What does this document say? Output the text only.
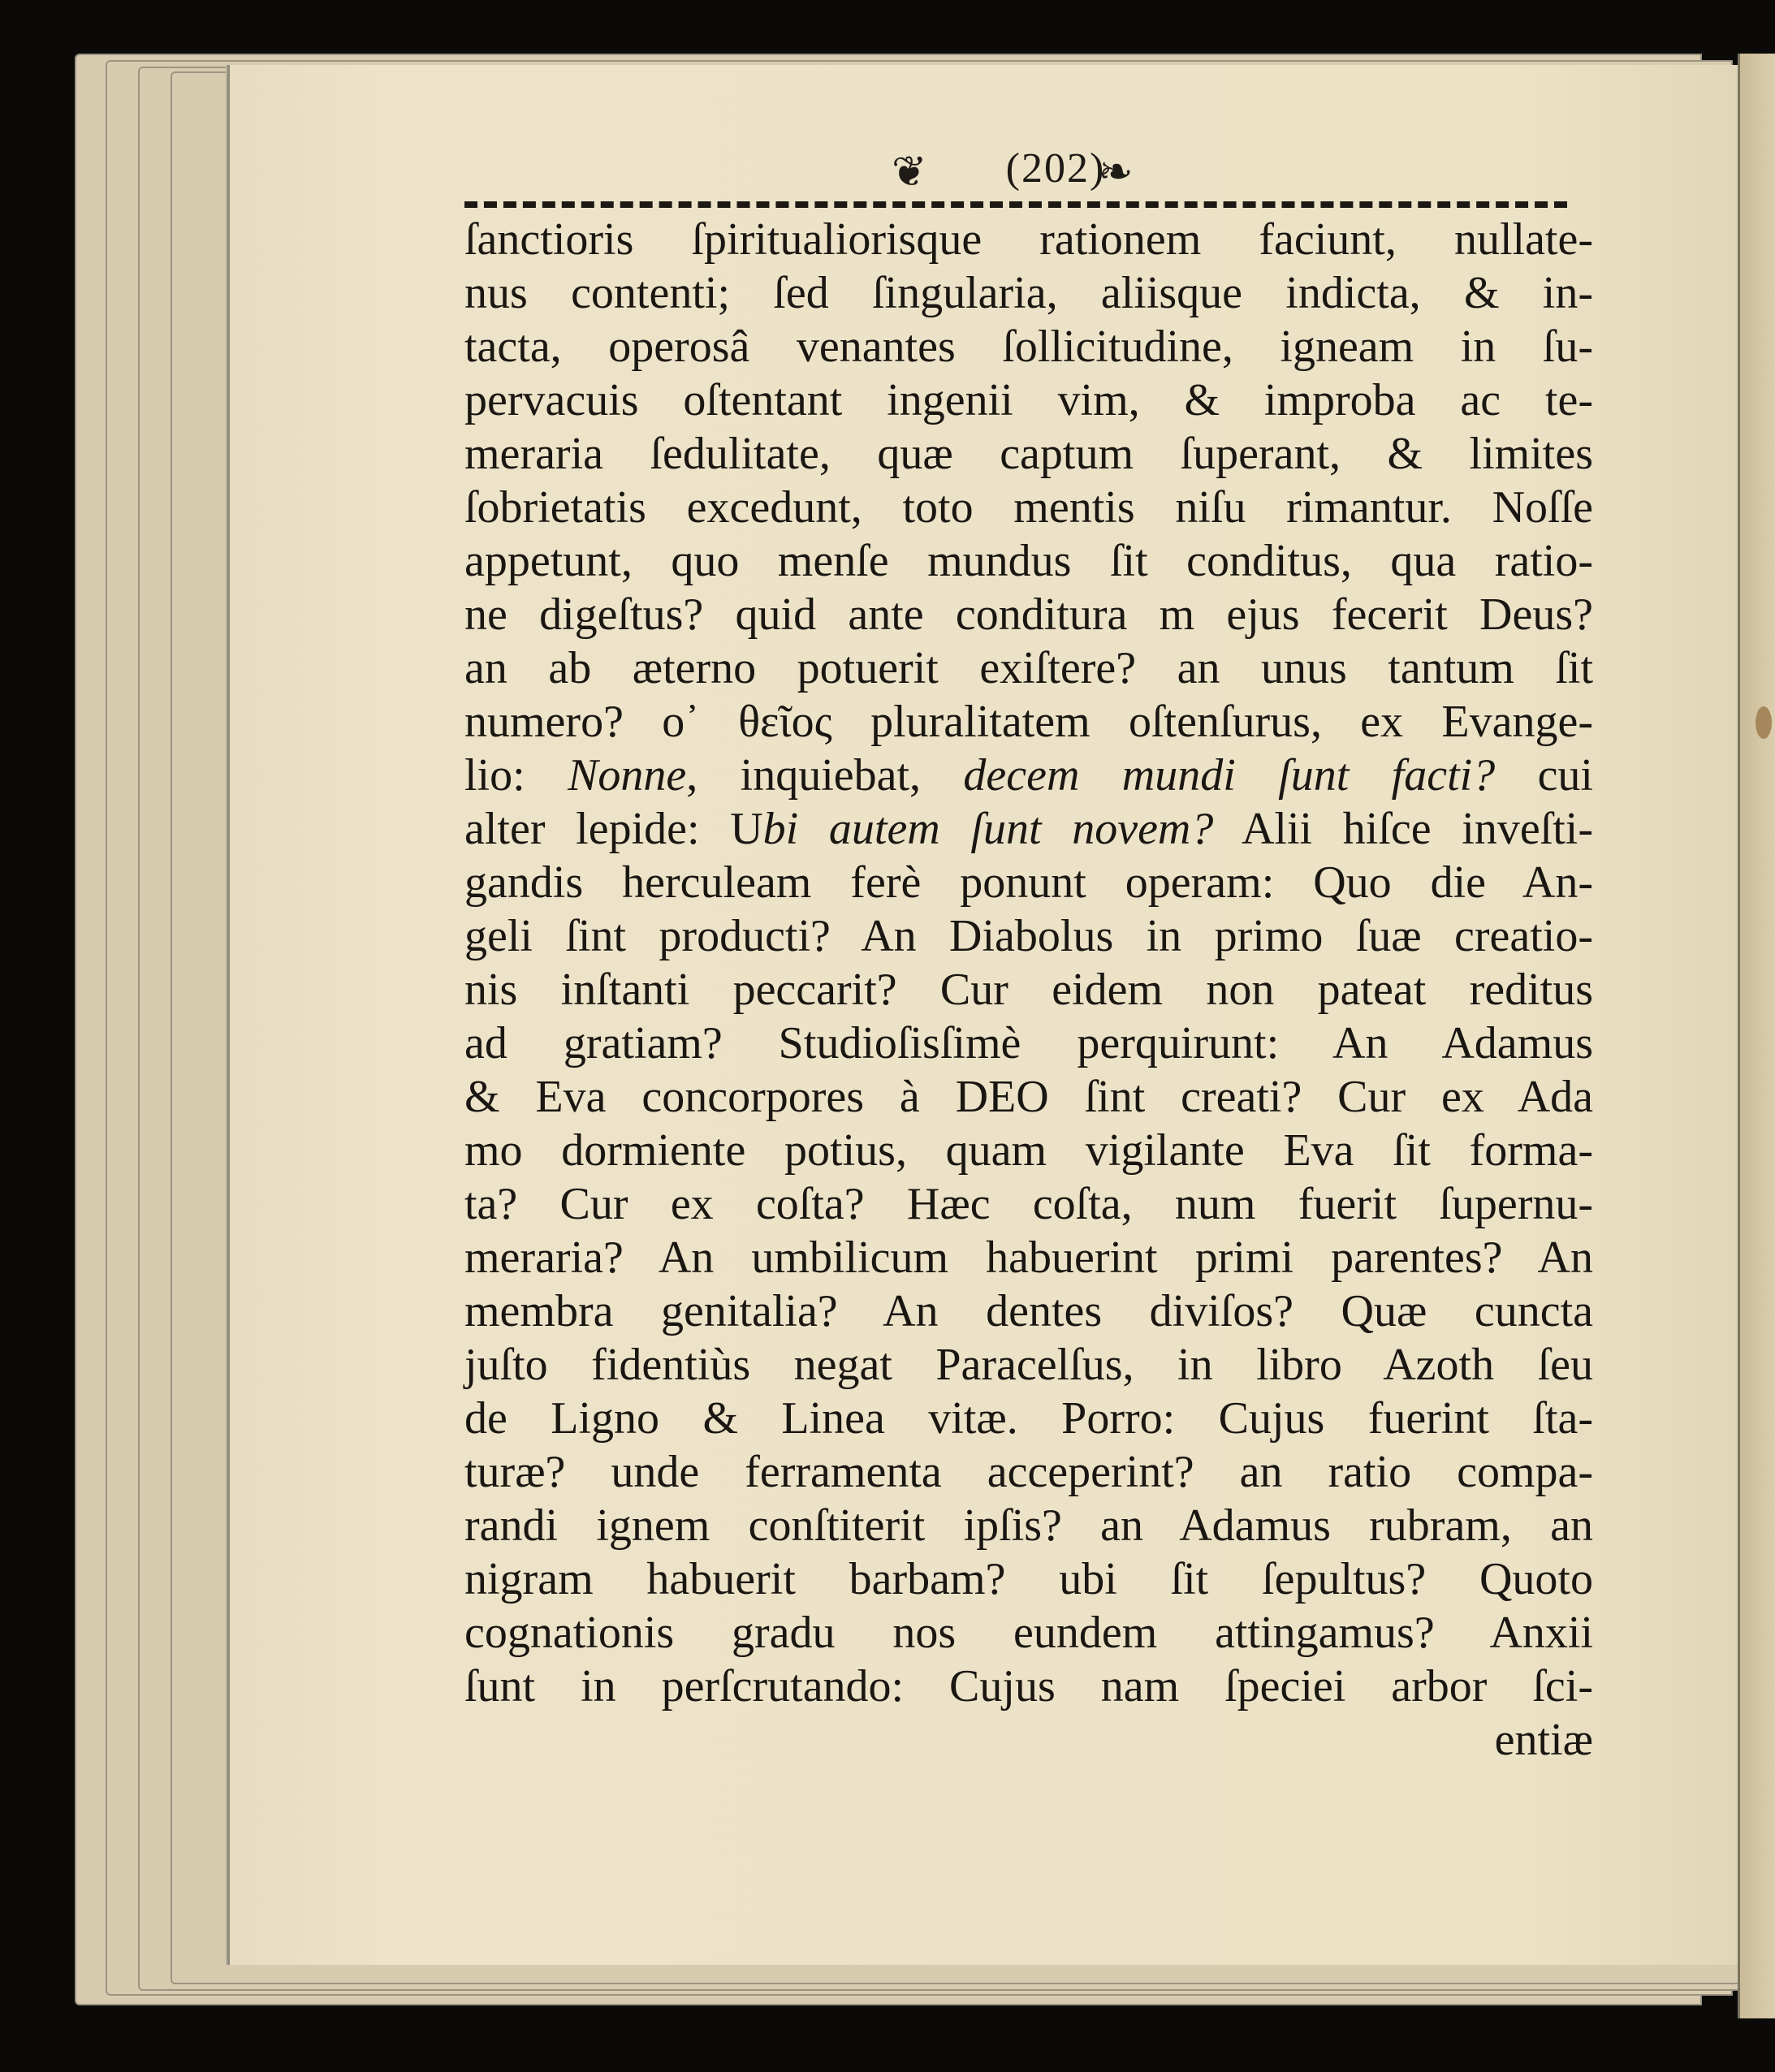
❦	(202)
❧
ſanctioris ſpiritualiorisque rationem faciunt, nullate-
nus contenti; ſed ſingularia, aliisque indicta, & in-
tacta, operosâ venantes ſollicitudine, igneam in ſu-
pervacuis oſtentant ingenii vim, & improba ac te-
meraria ſedulitate, quæ captum ſuperant, & limites
ſobrietatis excedunt, toto mentis niſu rimantur. Noſſe
appetunt, quo menſe mundus ſit conditus, qua ratio-
ne digeſtus? quid ante conditura m ejus fecerit Deus?
an ab æterno potuerit exiſtere? an unus tantum ſit
numero? ο᾽ θεῖος pluralitatem oſtenſurus, ex Evange-
lio: Nonne, inquiebat, decem mundi ſunt facti? cui
alter lepide: Ubi autem ſunt novem? Alii hiſce inveſti-
gandis herculeam ferè ponunt operam: Quo die An-
geli ſint producti? An Diabolus in primo ſuæ creatio-
nis inſtanti peccarit? Cur eidem non pateat reditus
ad gratiam? Studioſisſimè perquirunt: An Adamus
& Eva concorpores à DEO ſint creati? Cur ex Ada
mo dormiente potius, quam vigilante Eva ſit forma-
ta? Cur ex coſta? Hæc coſta, num fuerit ſupernu-
meraria? An umbilicum habuerint primi parentes? An
membra genitalia? An dentes diviſos? Quæ cuncta
juſto fidentiùs negat Paracelſus, in libro Azoth ſeu
de Ligno & Linea vitæ. Porro: Cujus fuerint ſta-
turæ? unde ferramenta acceperint? an ratio compa-
randi ignem conſtiterit ipſis? an Adamus rubram, an
nigram habuerit barbam? ubi ſit ſepultus? Quoto
cognationis gradu nos eundem attingamus? Anxii
ſunt in perſcrutando: Cujus nam ſpeciei arbor ſci-
entiæ
